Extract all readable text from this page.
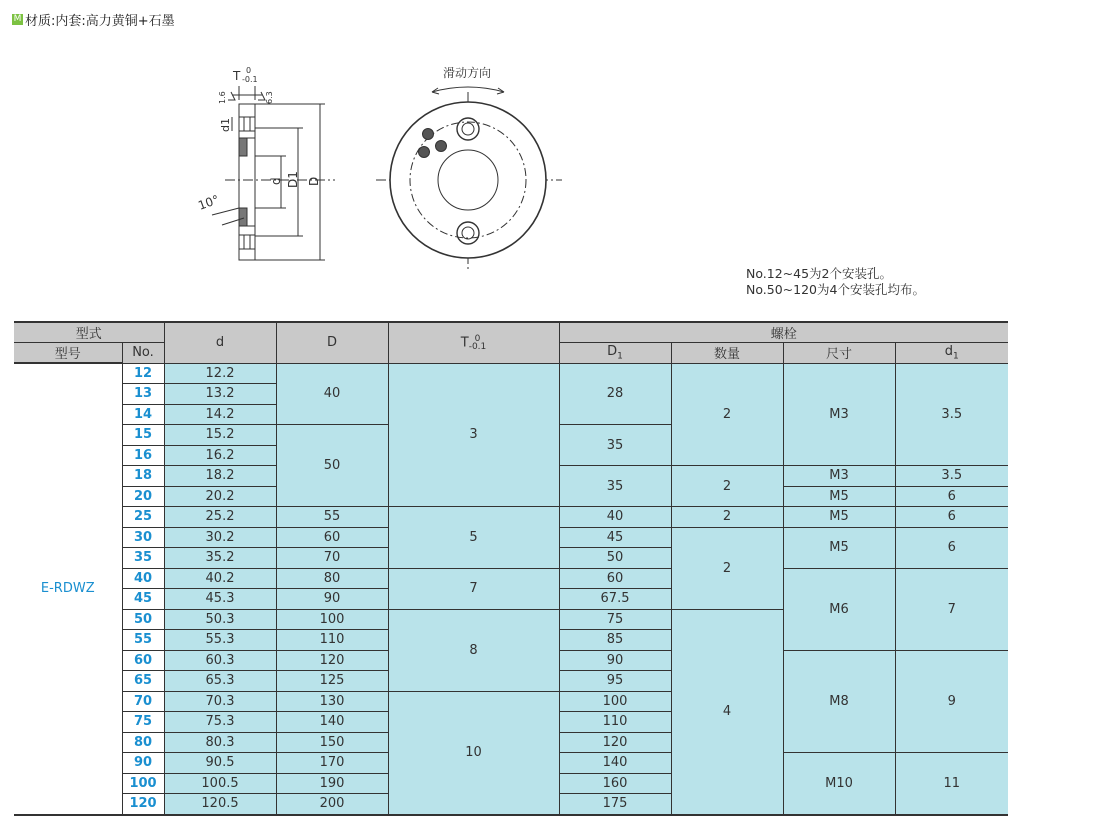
M 材质:内套:高力黄铜+石墨
T 0
-0.1
1.6	6.3
d1
d D1 D
10°
滑动方向
No.12~45为2个安装孔。
No.50~120为4个安装孔均布。
型式		d	D	T 0
-0.1	螺栓			
型号	No.				$D_1$	数量	尺寸	$d_1$
E-RDWZ	12	12.2	40	3	28	2	M3	3.5
	13	13.2						
	14	14.2						
	15	15.2	50		35			
	16	16.2						
	18	18.2			35	2	M3	3.5
	20	20.2					M5	6
	25	25.2	55	5	40	2	M5	6
	30	30.2	60		45	2	M5	6
	35	35.2	70		50			
	40	40.2	80	7	60		M6	7
	45	45.3	90		67.5			
	50	50.3	100	8	75	4		
	55	55.3	110		85			
	60	60.3	120		90		M8	9
	65	65.3	125		95			
	70	70.3	130	10	100			
	75	75.3	140		110			
	80	80.3	150		120			
	90	90.5	170		140		M10	11
	100	100.5	190		160			
	120	120.5	200		175			
